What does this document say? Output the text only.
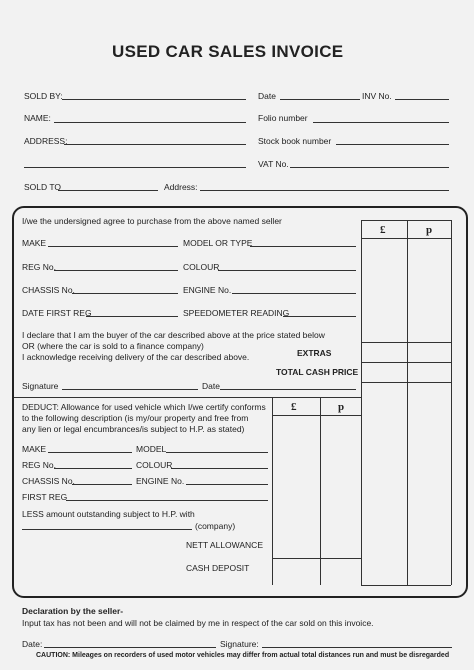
USED CAR SALES INVOICE
SOLD BY:	Date	INV No.
NAME:	Folio number
ADDRESS:	Stock book number
VAT No.
SOLD TO	Address:
I/we the undersigned agree to purchase from the above named seller
£	p
MAKE	MODEL OR TYPE
REG No.	COLOUR
CHASSIS No.	ENGINE No.
DATE FIRST REG	SPEEDOMETER READING
I declare that I am the buyer of the car described above at the price stated below
OR (where the car is sold to a finance company)
I acknowledge receiving delivery of the car described above.	EXTRAS
TOTAL CASH PRICE
Signature	Date
DEDUCT: Allowance for used vehicle which I/we certify conforms
to the following description (is my/our property and free from
any lien or legal encumbrances/is subject to H.P. as stated)
£	p
MAKE	MODEL
REG No.	COLOUR
CHASSIS No.	ENGINE No.
FIRST REG
LESS amount outstanding subject to H.P. with
(company)
NETT ALLOWANCE
CASH DEPOSIT
Declaration by the seller-
Input tax has not been and will not be claimed by me in respect of the car sold on this invoice.
Date:	Signature:
CAUTION: Mileages on recorders of used motor vehicles may differ from actual total distances run and must be disregarded
